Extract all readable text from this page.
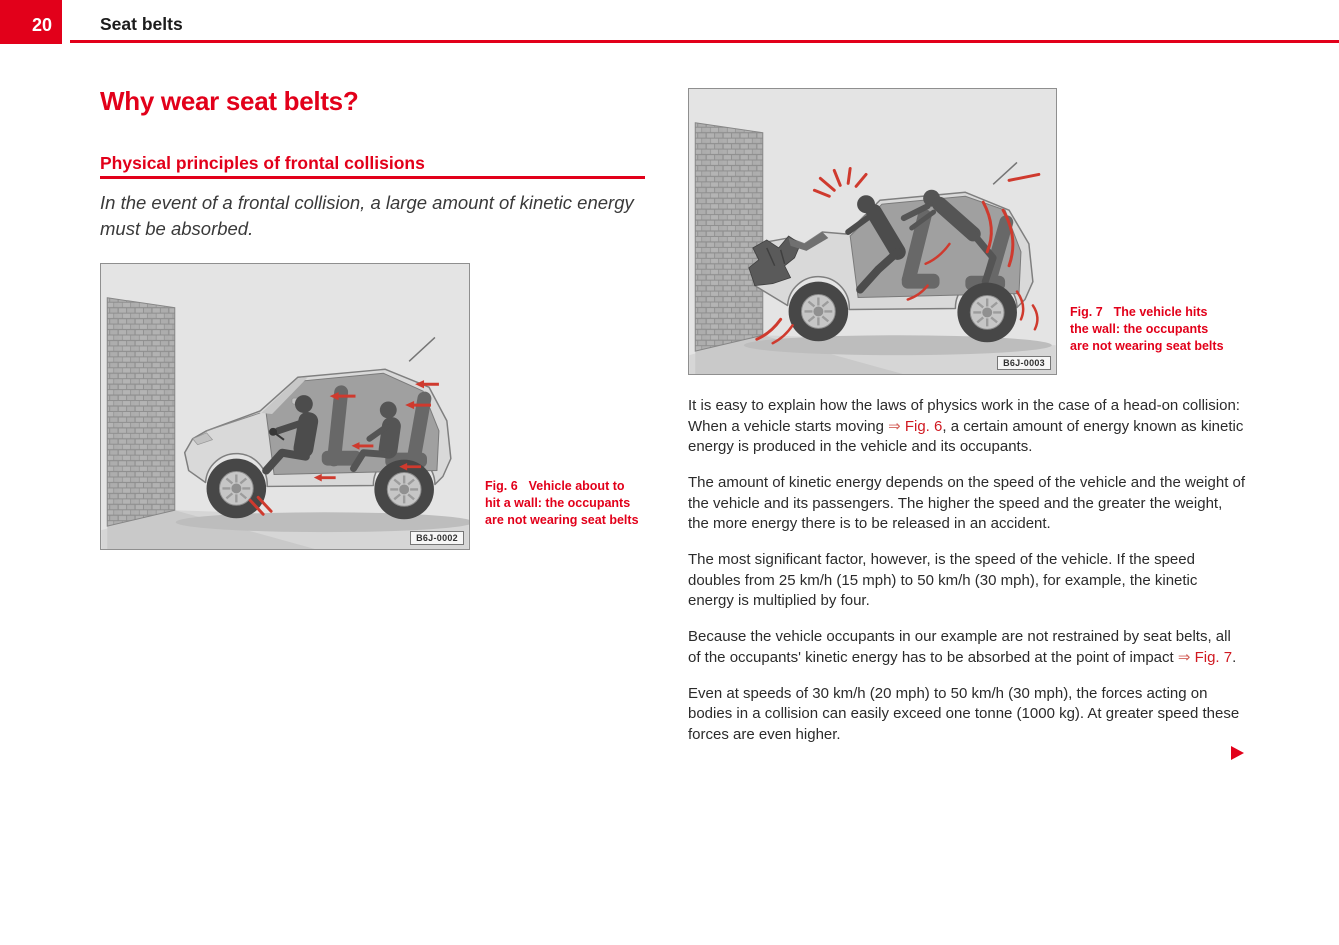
20	Seat belts
Why wear seat belts?
Physical principles of frontal collisions

In the event of a frontal collision, a large amount of kinetic energy must be absorbed.

B6J-0002
Fig. 6 Vehicle about to hit a wall: the occupants are not wearing seat belts
B6J-0003
Fig. 7 The vehicle hits the wall: the occupants are not wearing seat belts

It is easy to explain how the laws of physics work in the case of a head-on collision: When a vehicle starts moving ⇒ Fig. 6, a certain amount of energy known as kinetic energy is produced in the vehicle and its occupants.

The amount of kinetic energy depends on the speed of the vehicle and the weight of the vehicle and its passengers. The higher the speed and the greater the weight, the more energy there is to be released in an accident.

The most significant factor, however, is the speed of the vehicle. If the speed doubles from 25 km/h (15 mph) to 50 km/h (30 mph), for example, the kinetic energy is multiplied by four.

Because the vehicle occupants in our example are not restrained by seat belts, all of the occupants' kinetic energy has to be absorbed at the point of impact ⇒ Fig. 7.

Even at speeds of 30 km/h (20 mph) to 50 km/h (30 mph), the forces acting on bodies in a collision can easily exceed one tonne (1000 kg). At greater speed these forces are even higher.
